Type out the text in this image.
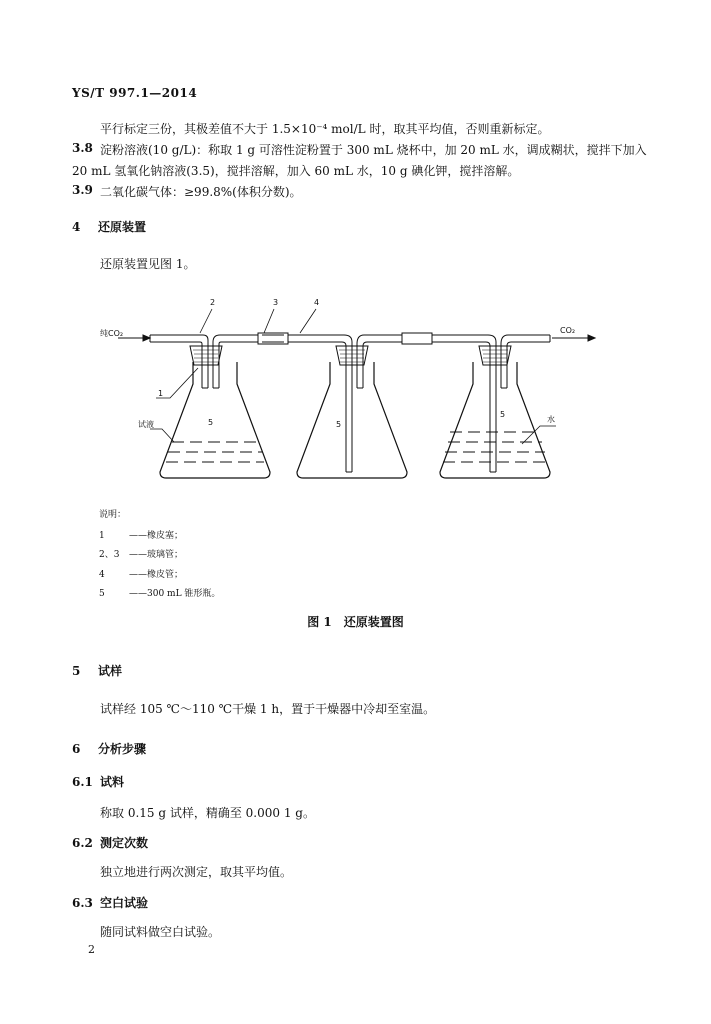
YS/T 997.1—2014
平行标定三份，其极差值不大于 1.5×10⁻⁴ mol/L 时，取其平均值，否则重新标定。
3.8 淀粉溶液(10 g/L)：称取 1 g 可溶性淀粉置于 300 mL 烧杯中，加 20 mL 水，调成糊状，搅拌下加入
20 mL 氢氧化钠溶液(3.5)，搅拌溶解，加入 60 mL 水，10 g 碘化钾，搅拌溶解。
3.9 二氧化碳气体：≥99.8%(体积分数)。
4 还原装置
还原装置见图 1。
纯CO₂	CO₂
2	3	4
1
5	5
5
试液
水
说明：
1	——橡皮塞；
2、3 ——玻璃管；
4	——橡皮管；
5	——300 mL 锥形瓶。
图 1　还原装置图
5 试样
试样经 105 ℃～110 ℃干燥 1 h，置于干燥器中冷却至室温。
6 分析步骤
6.1 试料
称取 0.15 g 试样，精确至 0.000 1 g。
6.2 测定次数
独立地进行两次测定，取其平均值。
6.3 空白试验
随同试料做空白试验。
2
